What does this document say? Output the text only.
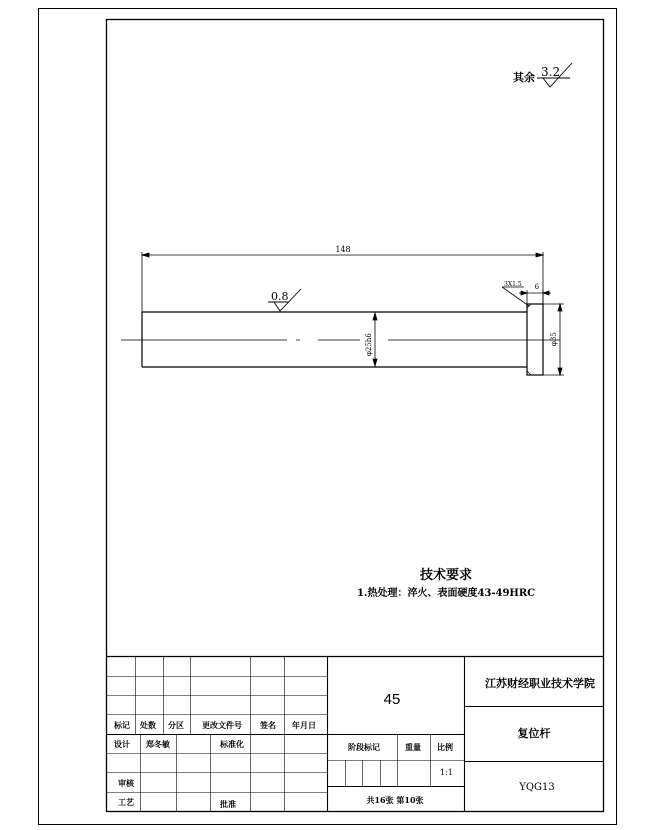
其余 3.2
148
φ25h6	φ35
6
3X1.5
0.8
技术要求
1.热处理：淬火、表面硬度43-49HRC
标记 处数 分区 更改文件号 签名 年月日
设计 郑冬敏	标准化
审核
工艺	批准
45
阶段标记	重量 比例
1:1
共16张 第10张
江苏财经职业技术学院
复位杆
YQG13
